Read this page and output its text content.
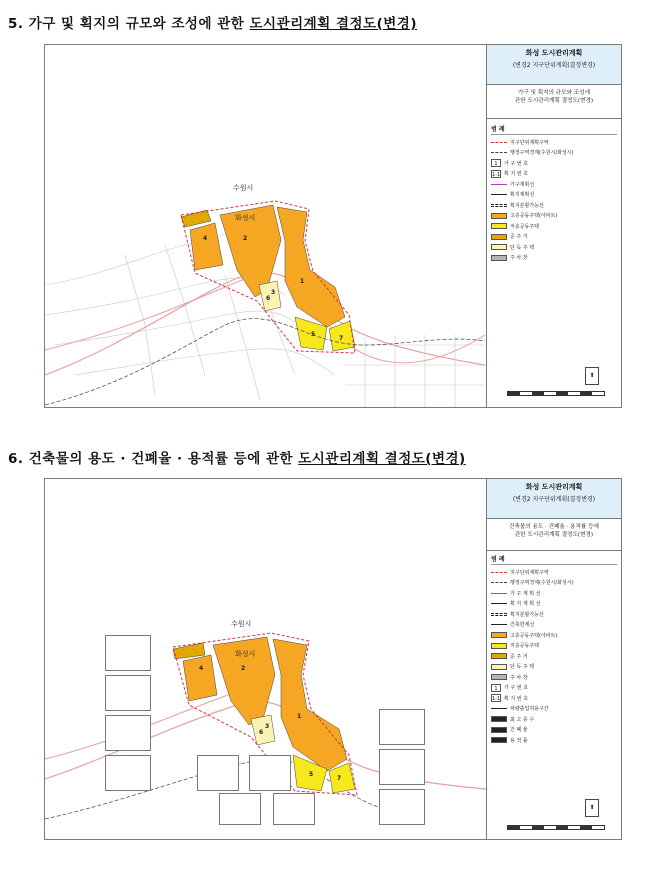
5. 가구 및 획지의 규모와 조성에 관한 도시관리계획 결정도(변경)
수원시
화성시
1
2
3
4
5
6
7
화성 도시관리계획
(변경2 지구단위계획(결정변경)
가구 및 획지의 규모와 조성에
관한 도시관리계획 결정도(변경)
범 례
지구단위계획구역
행정구역경계(수원시/화성시)
1	가 구 번 호
1-1 획 지 번 호
가구계획선
획지계획선
획지분할가능선
고층공동주택(아파트)
저층공동주택
준 주 거
단 독 주 택
주 차 장
⬆
6. 건축물의 용도 · 건폐율 · 용적률 등에 관한 도시관리계획 결정도(변경)
수원시
화성시
1
2
3
4
5
6
7
화성 도시관리계획
(변경2 지구단위계획(결정변경)
건축물의 용도 · 건폐율 · 용적률 등에
관한 도시관리계획 결정도(변경)
범 례
지구단위계획구역
행정구역경계(수원시/화성시)
가 구 계 획 선
획 지 계 획 선
획지분할가능선
건축한계선
고층공동주택(아파트)
저층공동주택
준 주 거
단 독 주 택
주 차 장
1	가 구 번 호
1-1 획 지 번 호
차량출입허용구간
최 고 층 수
건 폐 율
용 적 률
⬆
